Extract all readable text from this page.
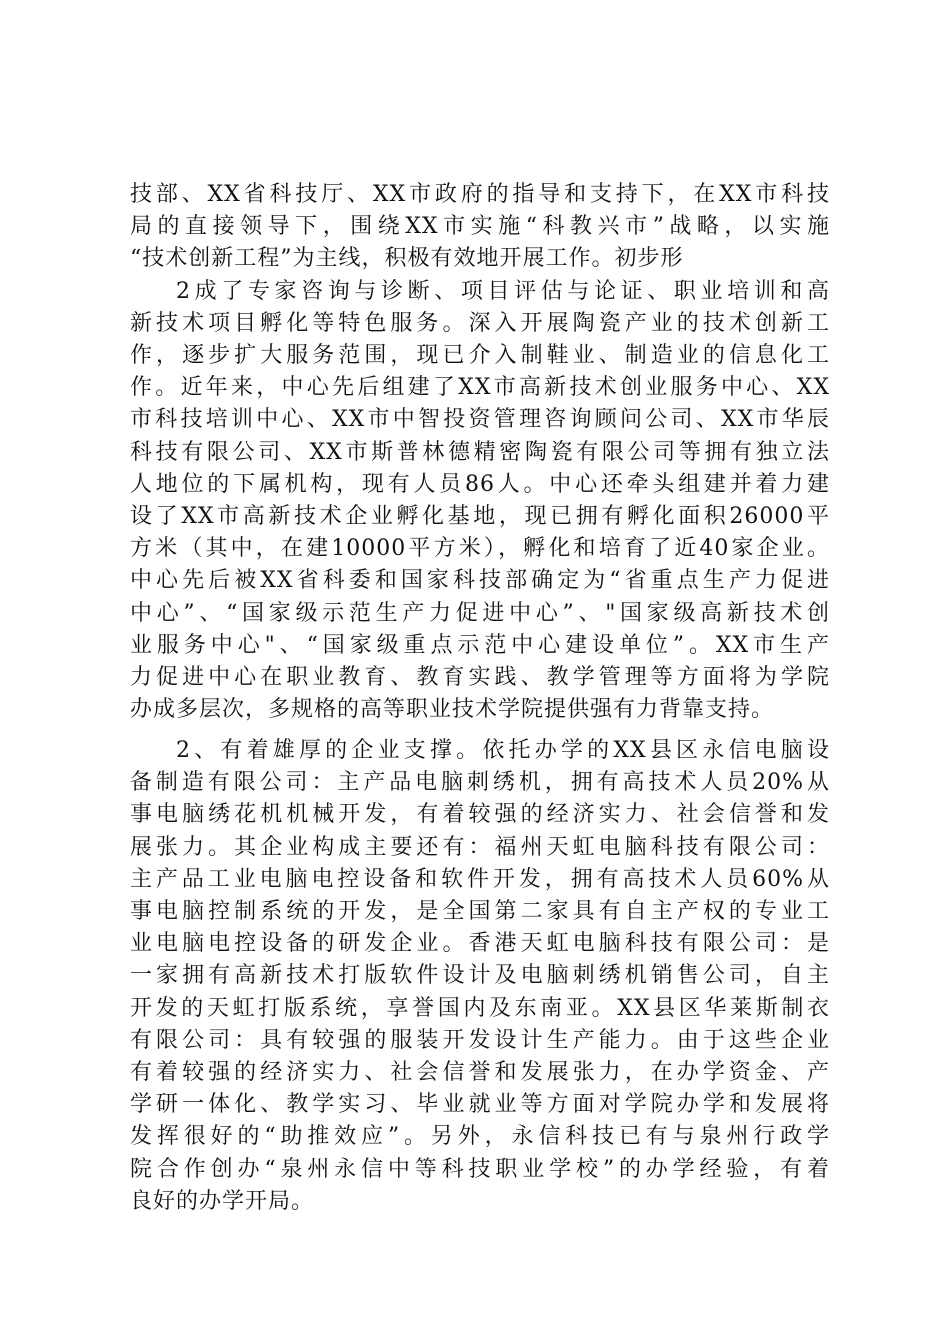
技部、XX省科技厅、XX市政府的指导和支持下，在XX市科技
局的直接领导下，围绕XX市实施“科教兴市”战略，以实施
“技术创新工程”为主线，积极有效地开展工作。初步形
2成了专家咨询与诊断、项目评估与论证、职业培训和高
新技术项目孵化等特色服务。深入开展陶瓷产业的技术创新工
作，逐步扩大服务范围，现已介入制鞋业、制造业的信息化工
作。近年来，中心先后组建了XX市高新技术创业服务中心、XX
市科技培训中心、XX市中智投资管理咨询顾问公司、XX市华辰
科技有限公司、XX市斯普林德精密陶瓷有限公司等拥有独立法
人地位的下属机构，现有人员86人。中心还牵头组建并着力建
设了XX市高新技术企业孵化基地，现已拥有孵化面积26000平
方米（其中，在建10000平方米），孵化和培育了近40家企业。
中心先后被XX省科委和国家科技部确定为“省重点生产力促进
中心”、“国家级示范生产力促进中心”、"国家级高新技术创
业服务中心"、“国家级重点示范中心建设单位”。XX市生产
力促进中心在职业教育、教育实践、教学管理等方面将为学院
办成多层次，多规格的高等职业技术学院提供强有力背靠支持。
2、有着雄厚的企业支撑。依托办学的XX县区永信电脑设
备制造有限公司：主产品电脑刺绣机，拥有高技术人员20%从
事电脑绣花机机械开发，有着较强的经济实力、社会信誉和发
展张力。其企业构成主要还有：福州天虹电脑科技有限公司：
主产品工业电脑电控设备和软件开发，拥有高技术人员60%从
事电脑控制系统的开发，是全国第二家具有自主产权的专业工
业电脑电控设备的研发企业。香港天虹电脑科技有限公司：是
一家拥有高新技术打版软件设计及电脑刺绣机销售公司，自主
开发的天虹打版系统，享誉国内及东南亚。XX县区华莱斯制衣
有限公司：具有较强的服装开发设计生产能力。由于这些企业
有着较强的经济实力、社会信誉和发展张力，在办学资金、产
学研一体化、教学实习、毕业就业等方面对学院办学和发展将
发挥很好的“助推效应”。另外，永信科技已有与泉州行政学
院合作创办“泉州永信中等科技职业学校”的办学经验，有着
良好的办学开局。
